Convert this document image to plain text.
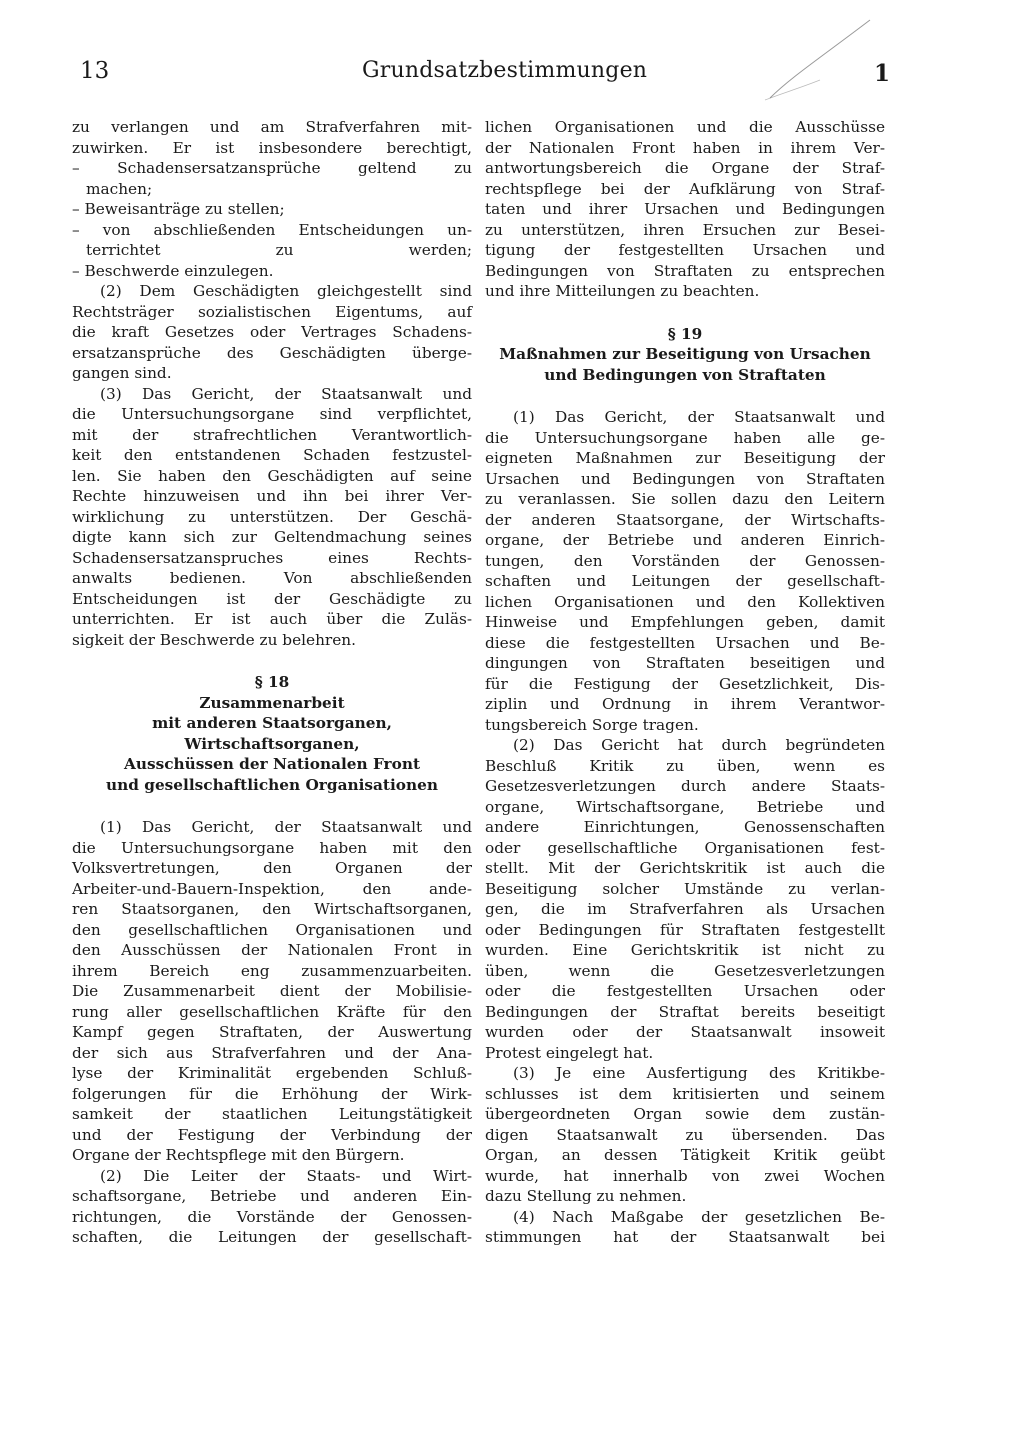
13	Grundsatzbestimmungen	1
zu verlangen und am Strafverfahren mit-
zuwirken. Er ist insbesondere berechtigt,
– Schadensersatzansprüche geltend zu
machen;
– Beweisanträge zu stellen;
– von abschließenden Entscheidungen un-
terrichtet zu werden;
– Beschwerde einzulegen.
(2) Dem Geschädigten gleichgestellt sind
Rechtsträger sozialistischen Eigentums, auf
die kraft Gesetzes oder Vertrages Schadens-
ersatzansprüche des Geschädigten überge-
gangen sind.
(3) Das Gericht, der Staatsanwalt und
die Untersuchungsorgane sind verpflichtet,
mit der strafrechtlichen Verantwortlich-
keit den entstandenen Schaden festzustel-
len. Sie haben den Geschädigten auf seine
Rechte hinzuweisen und ihn bei ihrer Ver-
wirklichung zu unterstützen. Der Geschä-
digte kann sich zur Geltendmachung seines
Schadensersatzanspruches eines Rechts-
anwalts bedienen. Von abschließenden
Entscheidungen ist der Geschädigte zu
unterrichten. Er ist auch über die Zuläs-
sigkeit der Beschwerde zu belehren.
§ 18
Zusammenarbeit
mit anderen Staatsorganen,
Wirtschaftsorganen,
Ausschüssen der Nationalen Front
und gesellschaftlichen Organisationen
(1) Das Gericht, der Staatsanwalt und
die Untersuchungsorgane haben mit den
Volksvertretungen, den Organen der
Arbeiter-und-Bauern-Inspektion, den ande-
ren Staatsorganen, den Wirtschaftsorganen,
den gesellschaftlichen Organisationen und
den Ausschüssen der Nationalen Front in
ihrem Bereich eng zusammenzuarbeiten.
Die Zusammenarbeit dient der Mobilisie-
rung aller gesellschaftlichen Kräfte für den
Kampf gegen Straftaten, der Auswertung
der sich aus Strafverfahren und der Ana-
lyse der Kriminalität ergebenden Schluß-
folgerungen für die Erhöhung der Wirk-
samkeit der staatlichen Leitungstätigkeit
und der Festigung der Verbindung der
Organe der Rechtspflege mit den Bürgern.
(2) Die Leiter der Staats- und Wirt-
schaftsorgane, Betriebe und anderen Ein-
richtungen, die Vorstände der Genossen-
schaften, die Leitungen der gesellschaft-
lichen Organisationen und die Ausschüsse
der Nationalen Front haben in ihrem Ver-
antwortungsbereich die Organe der Straf-
rechtspflege bei der Aufklärung von Straf-
taten und ihrer Ursachen und Bedingungen
zu unterstützen, ihren Ersuchen zur Besei-
tigung der festgestellten Ursachen und
Bedingungen von Straftaten zu entsprechen
und ihre Mitteilungen zu beachten.
§ 19
Maßnahmen zur Beseitigung von Ursachen
und Bedingungen von Straftaten
(1) Das Gericht, der Staatsanwalt und
die Untersuchungsorgane haben alle ge-
eigneten Maßnahmen zur Beseitigung der
Ursachen und Bedingungen von Straftaten
zu veranlassen. Sie sollen dazu den Leitern
der anderen Staatsorgane, der Wirtschafts-
organe, der Betriebe und anderen Einrich-
tungen, den Vorständen der Genossen-
schaften und Leitungen der gesellschaft-
lichen Organisationen und den Kollektiven
Hinweise und Empfehlungen geben, damit
diese die festgestellten Ursachen und Be-
dingungen von Straftaten beseitigen und
für die Festigung der Gesetzlichkeit, Dis-
ziplin und Ordnung in ihrem Verantwor-
tungsbereich Sorge tragen.
(2) Das Gericht hat durch begründeten
Beschluß Kritik zu üben, wenn es
Gesetzesverletzungen durch andere Staats-
organe, Wirtschaftsorgane, Betriebe und
andere Einrichtungen, Genossenschaften
oder gesellschaftliche Organisationen fest-
stellt. Mit der Gerichtskritik ist auch die
Beseitigung solcher Umstände zu verlan-
gen, die im Strafverfahren als Ursachen
oder Bedingungen für Straftaten festgestellt
wurden. Eine Gerichtskritik ist nicht zu
üben, wenn die Gesetzesverletzungen
oder die festgestellten Ursachen oder
Bedingungen der Straftat bereits beseitigt
wurden oder der Staatsanwalt insoweit
Protest eingelegt hat.
(3) Je eine Ausfertigung des Kritikbe-
schlusses ist dem kritisierten und seinem
übergeordneten Organ sowie dem zustän-
digen Staatsanwalt zu übersenden. Das
Organ, an dessen Tätigkeit Kritik geübt
wurde, hat innerhalb von zwei Wochen
dazu Stellung zu nehmen.
(4) Nach Maßgabe der gesetzlichen Be-
stimmungen hat der Staatsanwalt bei
